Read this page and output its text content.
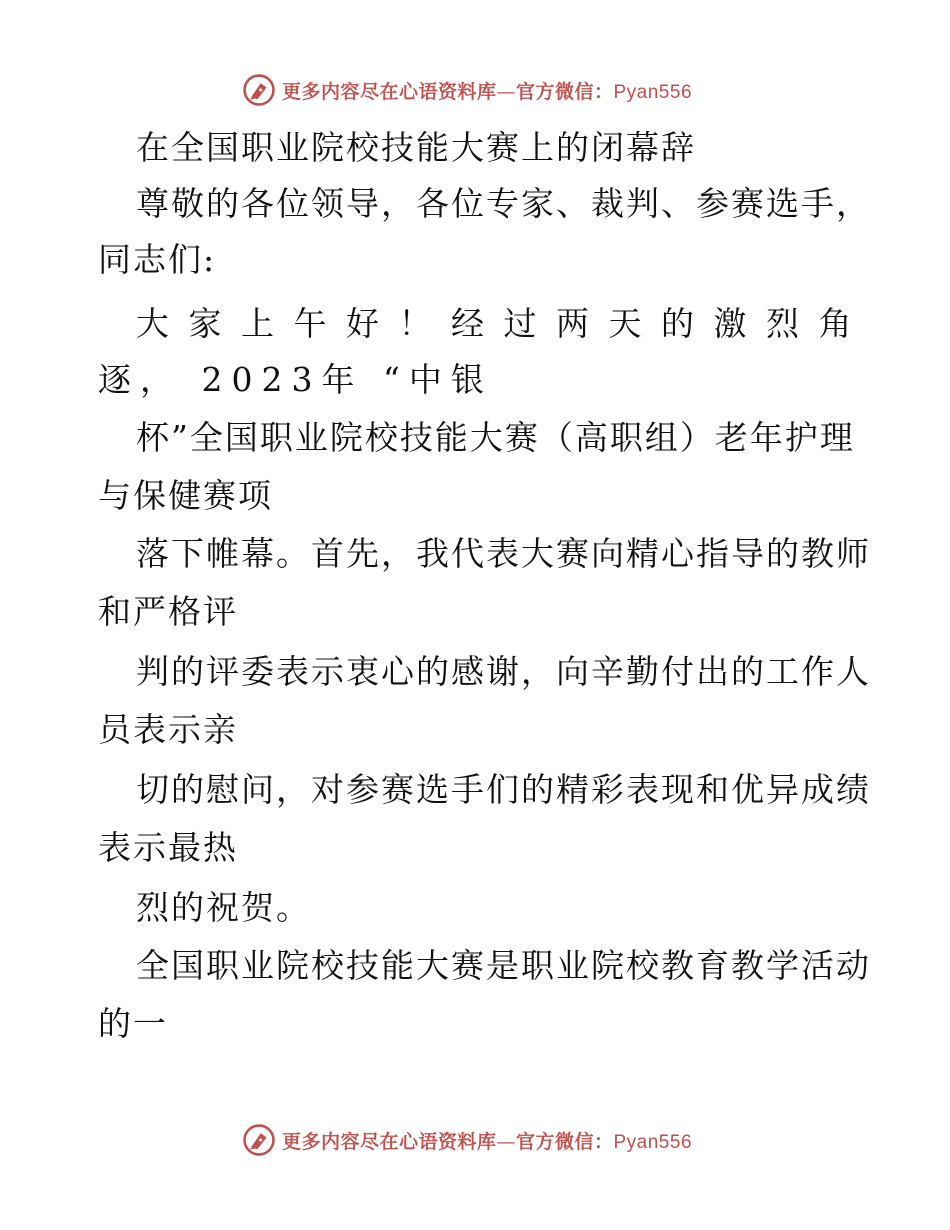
更多内容尽在心语资料库—官方微信：Pyan556
在全国职业院校技能大赛上的闭幕辞
尊敬的各位领导，各位专家、裁判、参赛选手，
同志们:
大家上午好！经过两天的激烈角
逐， 2023年 “中银
杯”全国职业院校技能大赛（高职组）老年护理
与保健赛项
落下帷幕。首先，我代表大赛向精心指导的教师
和严格评
判的评委表示衷心的感谢，向辛勤付出的工作人
员表示亲
切的慰问，对参赛选手们的精彩表现和优异成绩
表示最热
烈的祝贺。
全国职业院校技能大赛是职业院校教育教学活动
的一
更多内容尽在心语资料库—官方微信：Pyan556
